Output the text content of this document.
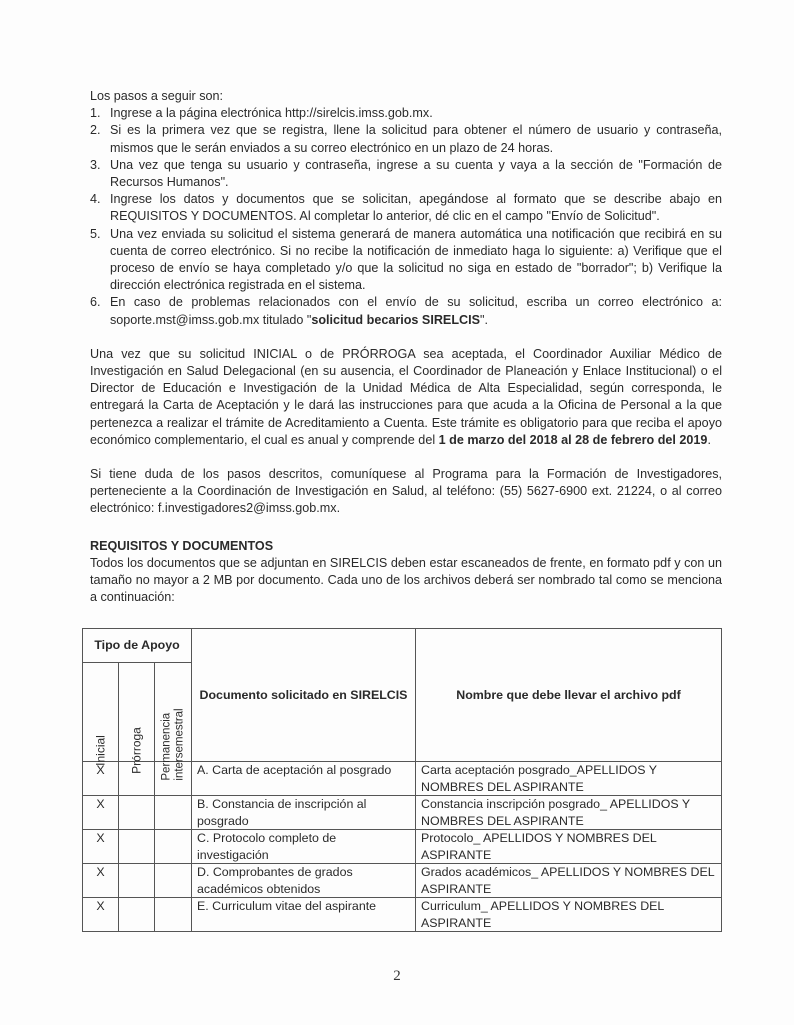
Los pasos a seguir son:

1. Ingrese a la página electrónica http://sirelcis.imss.gob.mx.
2. Si es la primera vez que se registra, llene la solicitud para obtener el número de usuario y contraseña, mismos que le serán enviados a su correo electrónico en un plazo de 24 horas.
3. Una vez que tenga su usuario y contraseña, ingrese a su cuenta y vaya a la sección de "Formación de Recursos Humanos".
4. Ingrese los datos y documentos que se solicitan, apegándose al formato que se describe abajo en REQUISITOS Y DOCUMENTOS. Al completar lo anterior, dé clic en el campo "Envío de Solicitud".
5. Una vez enviada su solicitud el sistema generará de manera automática una notificación que recibirá en su cuenta de correo electrónico. Si no recibe la notificación de inmediato haga lo siguiente: a) Verifique que el proceso de envío se haya completado y/o que la solicitud no siga en estado de "borrador"; b) Verifique la dirección electrónica registrada en el sistema.
6. En caso de problemas relacionados con el envío de su solicitud, escriba un correo electrónico a: soporte.mst@imss.gob.mx titulado "solicitud becarios SIRELCIS".

Una vez que su solicitud INICIAL o de PRÓRROGA sea aceptada, el Coordinador Auxiliar Médico de Investigación en Salud Delegacional (en su ausencia, el Coordinador de Planeación y Enlace Institucional) o el Director de Educación e Investigación de la Unidad Médica de Alta Especialidad, según corresponda, le entregará la Carta de Aceptación y le dará las instrucciones para que acuda a la Oficina de Personal a la que pertenezca a realizar el trámite de Acreditamiento a Cuenta. Este trámite es obligatorio para que reciba el apoyo económico complementario, el cual es anual y comprende del 1 de marzo del 2018 al 28 de febrero del 2019.

Si tiene duda de los pasos descritos, comuníquese al Programa para la Formación de Investigadores, perteneciente a la Coordinación de Investigación en Salud, al teléfono: (55) 5627-6900 ext. 21224, o al correo electrónico: f.investigadores2@imss.gob.mx.

REQUISITOS Y DOCUMENTOS

Todos los documentos que se adjuntan en SIRELCIS deben estar escaneados de frente, en formato pdf y con un tamaño no mayor a 2 MB por documento. Cada uno de los archivos deberá ser nombrado tal como se menciona a continuación:

Tipo de Apoyo			Documento solicitado en SIRELCIS	Nombre que debe llevar el archivo pdf

Inicial	Prórroga	Permanencia
intersemestral		

X			A. Carta de aceptación al posgrado	Carta aceptación posgrado_APELLIDOS Y NOMBRES DEL ASPIRANTE
X			B. Constancia de inscripción al posgrado	Constancia inscripción posgrado_ APELLIDOS Y NOMBRES DEL ASPIRANTE
X			C. Protocolo completo de investigación	Protocolo_ APELLIDOS Y NOMBRES DEL ASPIRANTE
X			D. Comprobantes de grados académicos obtenidos	Grados académicos_ APELLIDOS Y NOMBRES DEL ASPIRANTE
X			E. Curriculum vitae del aspirante	Curriculum_ APELLIDOS Y NOMBRES DEL ASPIRANTE
2
